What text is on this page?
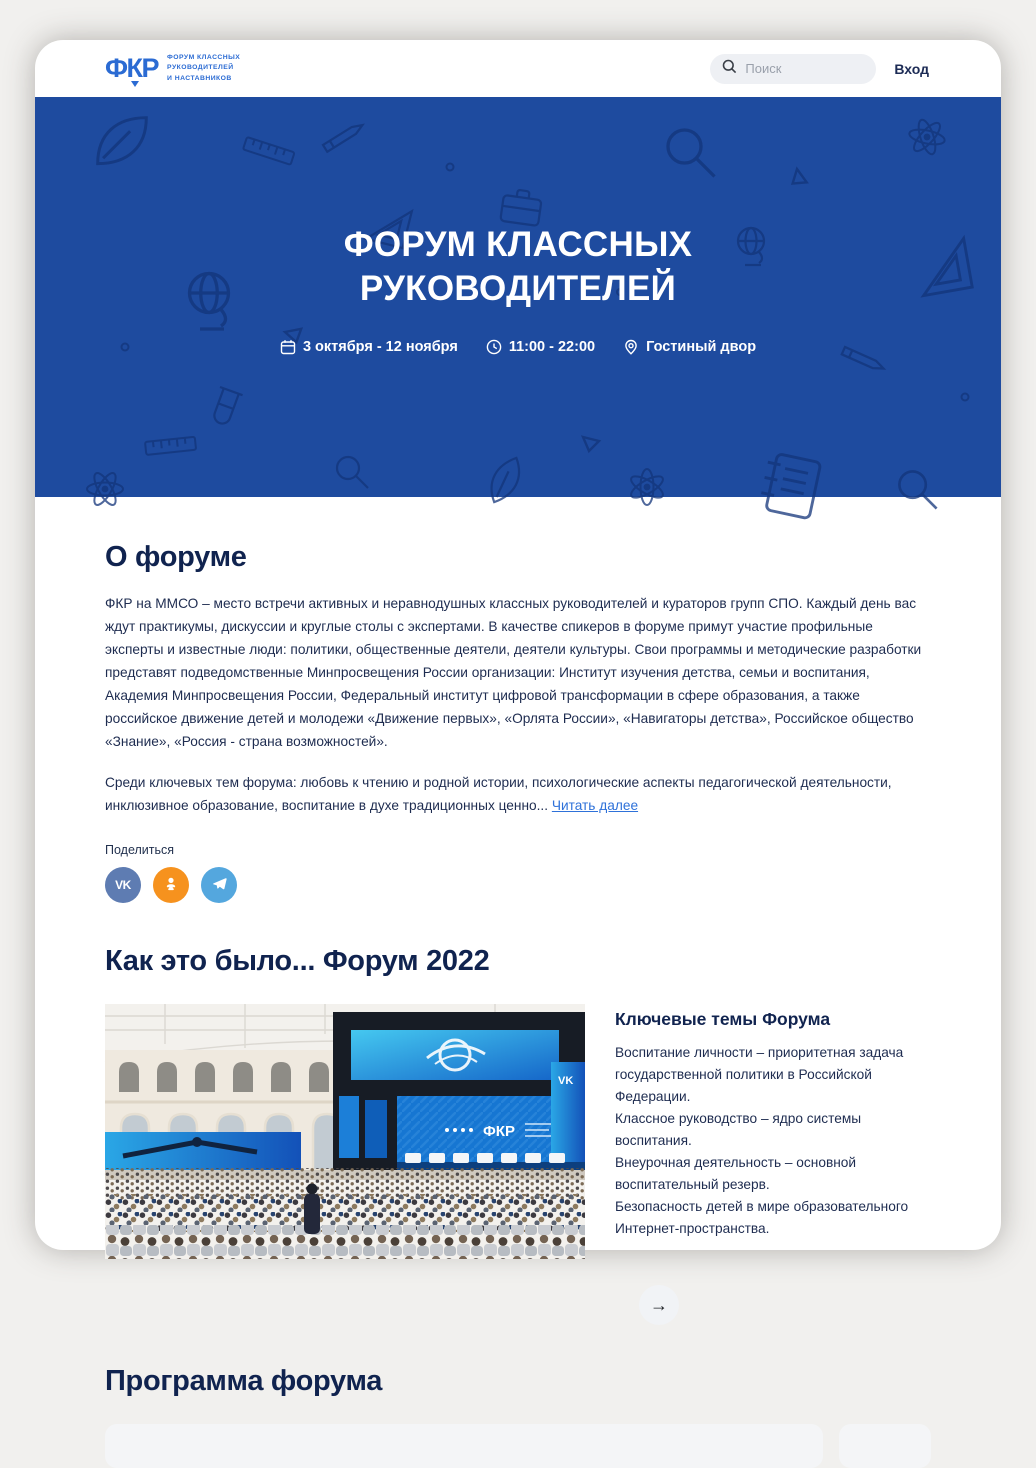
ФКР ФОРУМ КЛАССНЫХ
РУКОВОДИТЕЛЕЙ
И НАСТАВНИКОВ
Поиск
Вход
ФОРУМ КЛАССНЫХ
РУКОВОДИТЕЛЕЙ
3 октября - 12 ноября	11:00 - 22:00	Гостиный двор
О форуме

ФКР на ММСО – место встречи активных и неравнодушных классных руководителей и кураторов групп СПО. Каждый день вас ждут практикумы, дискуссии и круглые столы с экспертами. В качестве спикеров в форуме примут участие профильные эксперты и известные люди: политики, общественные деятели, деятели культуры. Свои программы и методические разработки представят подведомственные Минпросвещения России организации: Институт изучения детства, семьи и воспитания, Академия Минпросвещения России, Федеральный институт цифровой трансформации в сфере образования, а также российское движение детей и молодежи «Движение первых», «Орлята России», «Навигаторы детства», Российское общество «Знание», «Россия - страна возможностей».

Среди ключевых тем форума: любовь к чтению и родной истории, психологические аспекты педагогической деятельности, инклюзивное образование, воспитание в духе традиционных ценно... Читать далее

Поделиться
VK
Как это было... Форум 2022
ФКР
VK
Ключевые темы Форума
Воспитание личности – приоритетная задача государственной политики в Российской Федерации.
Классное руководство – ядро системы воспитания.
Внеурочная деятельность – основной воспитательный резерв.
Безопасность детей в мире образовательного Интернет-пространства.
→
Программа форума
